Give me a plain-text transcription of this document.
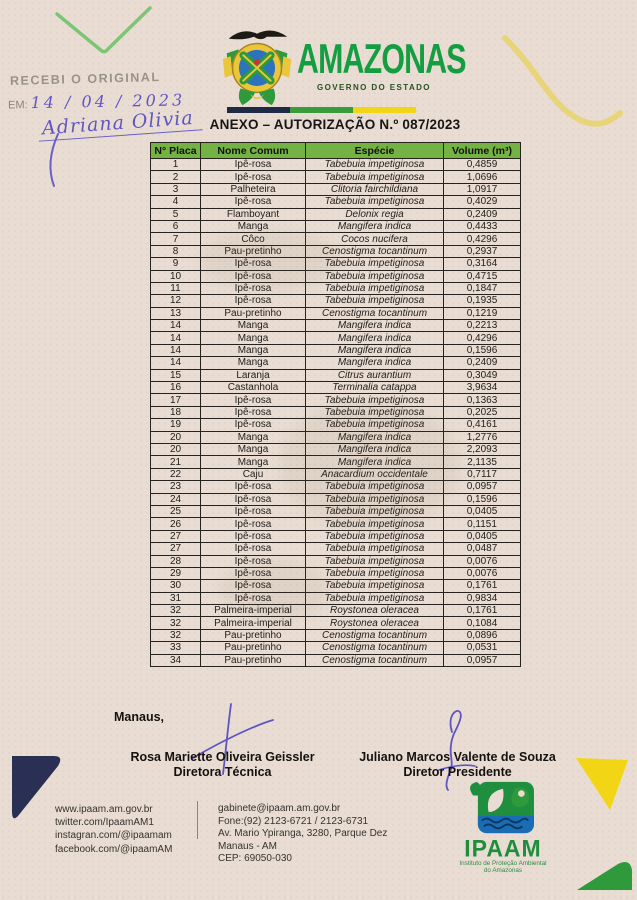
RECEBI O ORIGINAL
EM: 14 / 04 / 2023
Adriana Olivia
AMAZONAS
GOVERNO DO ESTADO
ANEXO – AUTORIZAÇÃO N.º 087/2023
N° Placa	Nome Comum	Espécie	Volume (m³)
1	Ipê-rosa	Tabebuia impetiginosa	0,4859
2	Ipê-rosa	Tabebuia impetiginosa	1,0696
3	Palheteira	Clitoria fairchildiana	1,0917
4	Ipê-rosa	Tabebuia impetiginosa	0,4029
5	Flamboyant	Delonix regia	0,2409
6	Manga	Mangifera indica	0,4433
7	Côco	Cocos nucifera	0,4296
8	Pau-pretinho	Cenostigma tocantinum	0,2937
9	Ipê-rosa	Tabebuia impetiginosa	0,3164
10	Ipê-rosa	Tabebuia impetiginosa	0,4715
11	Ipê-rosa	Tabebuia impetiginosa	0,1847
12	Ipê-rosa	Tabebuia impetiginosa	0,1935
13	Pau-pretinho	Cenostigma tocantinum	0,1219
14	Manga	Mangifera indica	0,2213
14	Manga	Mangifera indica	0,4296
14	Manga	Mangifera indica	0,1596
14	Manga	Mangifera indica	0,2409
15	Laranja	Citrus aurantium	0,3049
16	Castanhola	Terminalia catappa	3,9634
17	Ipê-rosa	Tabebuia impetiginosa	0,1363
18	Ipê-rosa	Tabebuia impetiginosa	0,2025
19	Ipê-rosa	Tabebuia impetiginosa	0,4161
20	Manga	Mangifera indica	1,2776
20	Manga	Mangifera indica	2,2093
21	Manga	Mangifera indica	2,1135
22	Caju	Anacardium occidentale	0,7117
23	Ipê-rosa	Tabebuia impetiginosa	0,0957
24	Ipê-rosa	Tabebuia impetiginosa	0,1596
25	Ipê-rosa	Tabebuia impetiginosa	0,0405
26	Ipê-rosa	Tabebuia impetiginosa	0,1151
27	Ipê-rosa	Tabebuia impetiginosa	0,0405
27	Ipê-rosa	Tabebuia impetiginosa	0,0487
28	Ipê-rosa	Tabebuia impetiginosa	0,0076
29	Ipê-rosa	Tabebuia impetiginosa	0,0076
30	Ipê-rosa	Tabebuia impetiginosa	0,1761
31	Ipê-rosa	Tabebuia impetiginosa	0,9834
32	Palmeira-imperial	Roystonea oleracea	0,1761
32	Palmeira-imperial	Roystonea oleracea	0,1084
32	Pau-pretinho	Cenostigma tocantinum	0,0896
33	Pau-pretinho	Cenostigma tocantinum	0,0531
34	Pau-pretinho	Cenostigma tocantinum	0,0957
Manaus,
Rosa Mariette Oliveira Geissler
Diretora Técnica
Juliano Marcos Valente de Souza
Diretor Presidente
www.ipaam.am.gov.br
twitter.com/IpaamAM1
instagran.com/@ipaamam
facebook.com/@ipaamAM
gabinete@ipaam.am.gov.br
Fone:(92) 2123-6721 / 2123-6731
Av. Mario Ypiranga, 3280, Parque Dez
Manaus - AM
CEP: 69050-030	IPAAM
Instituto de Proteção Ambiental
do Amazonas
